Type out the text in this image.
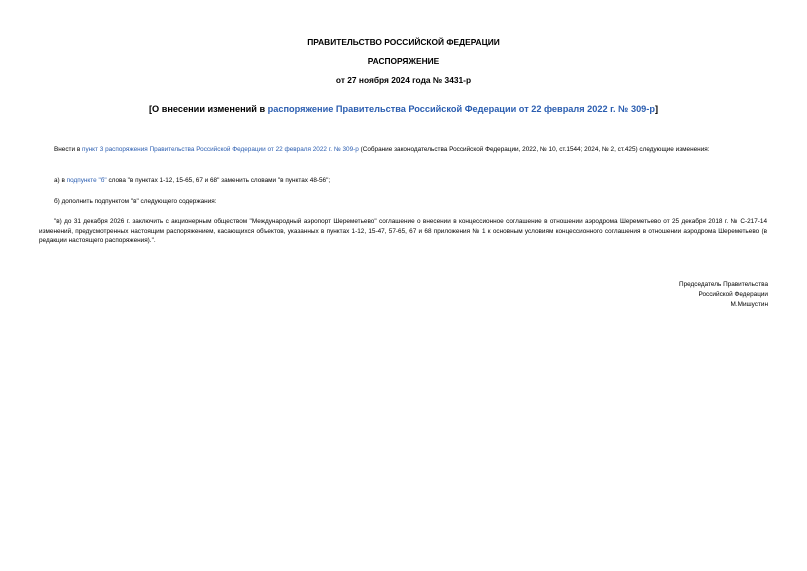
ПРАВИТЕЛЬСТВО РОССИЙСКОЙ ФЕДЕРАЦИИ
РАСПОРЯЖЕНИЕ
от 27 ноября 2024 года № 3431-р
[О внесении изменений в распоряжение Правительства Российской Федерации от 22 февраля 2022 г. № 309-р]
Внести в пункт 3 распоряжения Правительства Российской Федерации от 22 февраля 2022 г. № 309-р (Собрание законодательства Российской Федерации, 2022, № 10, ст.1544; 2024, № 2, ст.425) следующие изменения:
а) в подпункте "б" слова "в пунктах 1-12, 15-65, 67 и 68" заменить словами "в пунктах 48-56";
б) дополнить подпунктом "в" следующего содержания:
"в) до 31 декабря 2026 г. заключить с акционерным обществом "Международный аэропорт Шереметьево" соглашение о внесении в концессионное соглашение в отношении аэродрома Шереметьево от 25 декабря 2018 г. № С-217-14 изменений, предусмотренных настоящим распоряжением, касающихся объектов, указанных в пунктах 1-12, 15-47, 57-65, 67 и 68 приложения № 1 к основным условиям концессионного соглашения в отношении аэродрома Шереметьево (в редакции настоящего распоряжения).".
Председатель Правительства
Российской Федерации
М.Мишустин
